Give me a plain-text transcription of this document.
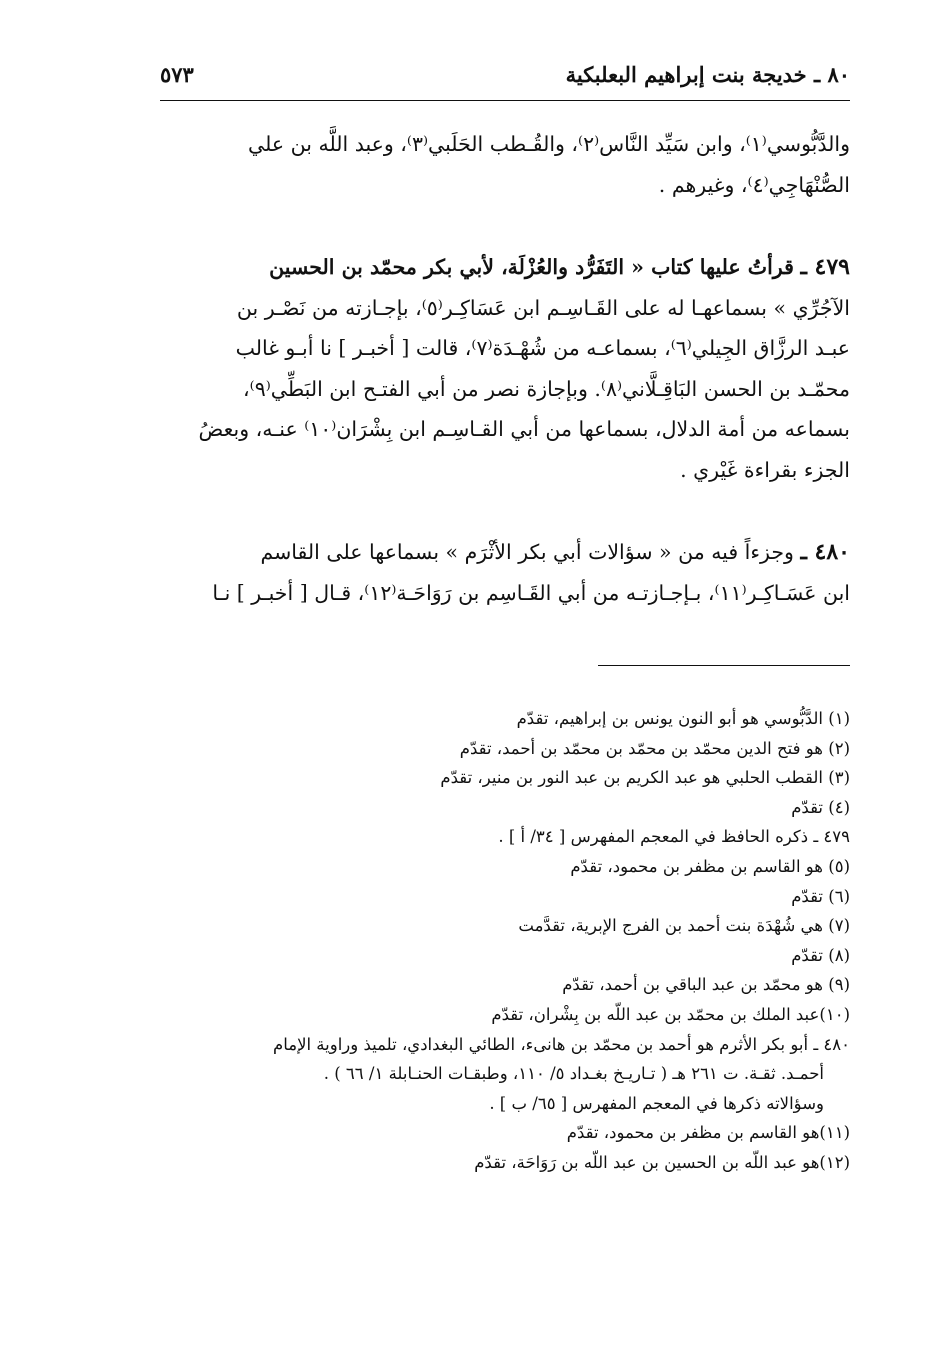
٨٠ ـ خديجة بنت إبراهيم البعلبكية
٥٧٣
والدَّبُّوسي⁽١⁾، وابن سَيِّد النَّاس⁽٢⁾، والقُـطب الحَلَبي⁽٣⁾، وعبد اللَّه بن علي
الصُّنْهَاجِي⁽٤⁾، وغيرهم .
٤٧٩ ـ قرأتُ عليها كتاب « التَفَرُّد والعُزْلَة، لأبي بكر محمّد بن الحسين
الآجُرِّي » بسماعهـا له على القَـاسِـم ابن عَسَاكِـر⁽٥⁾، بإجـازته من نَصْـر بن
عبـد الرزَّاق الجِيلي⁽٦⁾، بسماعـه من شُهْـدَة⁽٧⁾، قالت [ أخبـر ] نا أبـو غالب
محمّـد بن الحسن البَاقِـلَّاني⁽٨⁾. وبإجازة نصر من أبي الفتـح ابن البَطِّي⁽٩⁾،
بسماعه من أمة الدلال، بسماعها من أبي القـاسِـم ابن بِشْرَان⁽١٠⁾ عنـه، وبعضُ
الجزء بقراءة غَيْري .
٤٨٠ ـ وجزءاً فيه من « سؤالات أبي بكر الأثْرَم » بسماعها على القاسم
ابن عَسَـاكِـر⁽١١⁾، بـإجـازتـه من أبي القَـاسِم بن رَوَاحَـة⁽١٢⁾، قـال [ أخبـر ] نـا
(١) الدَّبُّوسي هو أبو النون يونس بن إبراهيم، تقدّم
(٢) هو فتح الدين محمّد بن محمّد بن محمّد بن أحمد، تقدّم
(٣) القطب الحلبي هو عبد الكريم بن عبد النور بن منير، تقدّم
(٤) تقدّم
٤٧٩ ـ ذكره الحافظ في المعجم المفهرس [ ٣٤/ أ ] .
(٥) هو القاسم بن مظفر بن محمود، تقدّم
(٦) تقدّم
(٧) هي شُهْدَة بنت أحمد بن الفرج الإبرية، تقدَّمت
(٨) تقدّم
(٩) هو محمّد بن عبد الباقي بن أحمد، تقدّم
(١٠)عبد الملك بن محمّد بن عبد اللّه بن بِشْران، تقدّم
٤٨٠ ـ أبو بكر الأثرم هو أحمد بن محمّد بن هانىء، الطائي البغدادي، تلميذ وراوية الإمام
أحمـد. ثقـة. ت ٢٦١ هـ ( تـاريـخ بغـداد ٥/ ١١٠، وطبقـات الحنـابلة ١/ ٦٦ ) .
وسؤالاته ذكرها في المعجم المفهرس [ ٦٥/ ب ] .
(١١)هو القاسم بن مظفر بن محمود، تقدّم
(١٢)هو عبد اللّه بن الحسين بن عبد اللّه بن رَوَاحَة، تقدّم
